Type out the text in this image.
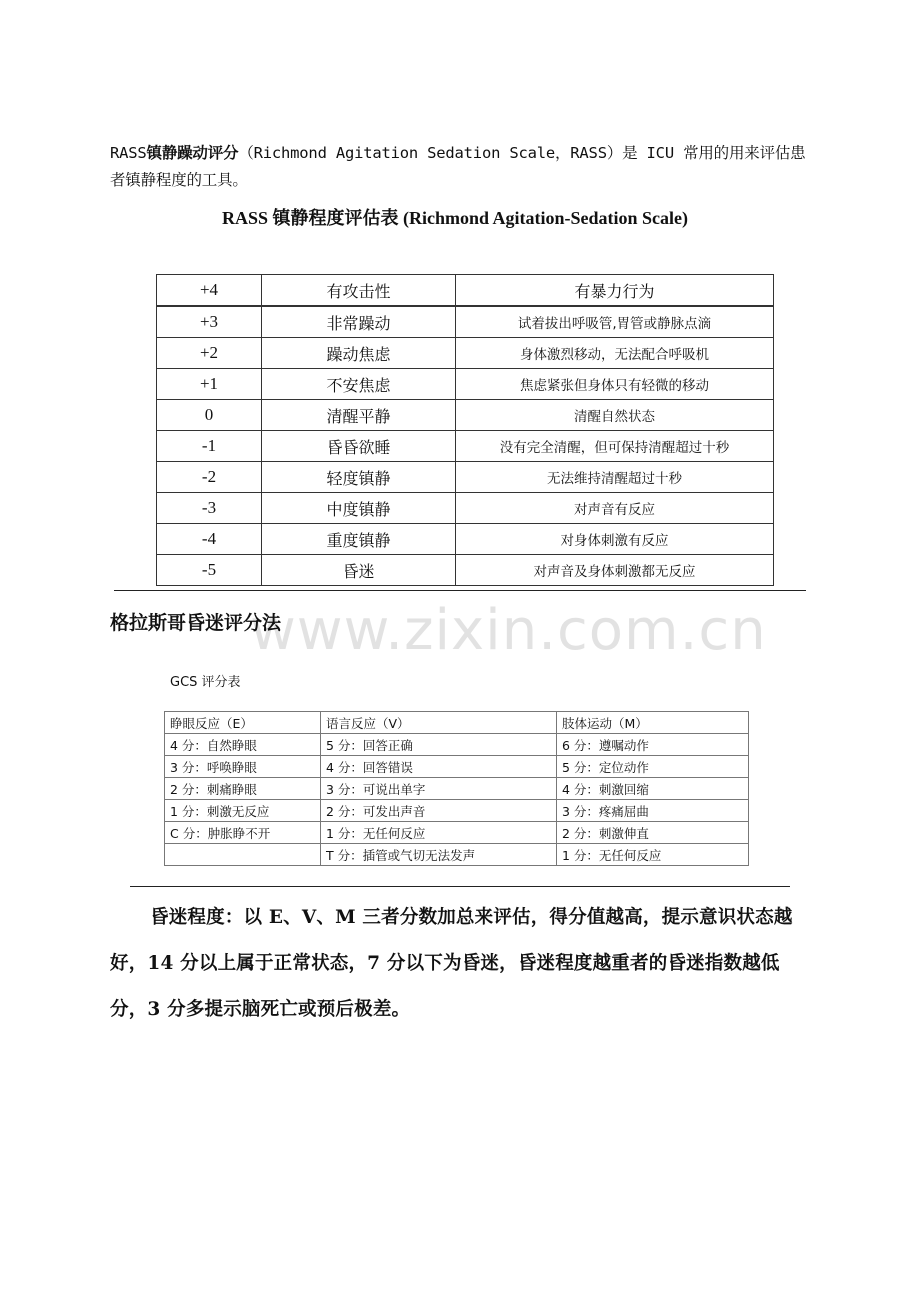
RASS镇静躁动评分（Richmond Agitation Sedation Scale，RASS）是 ICU 常用的用来评估患者镇静程度的工具。
RASS 镇静程度评估表 (Richmond Agitation-Sedation Scale)
+4	有攻击性	有暴力行为
+3	非常躁动	试着拔出呼吸管,胃管或静脉点滴
+2	躁动焦虑	身体激烈移动，无法配合呼吸机
+1	不安焦虑	焦虑紧张但身体只有轻微的移动
0	清醒平静	清醒自然状态
-1	昏昏欲睡	没有完全清醒，但可保持清醒超过十秒
-2	轻度镇静	无法维持清醒超过十秒
-3	中度镇静	对声音有反应
-4	重度镇静	对身体刺激有反应
-5	昏迷	对声音及身体刺激都无反应
www.zixin.com.cn
格拉斯哥昏迷评分法
GCS 评分表
睁眼反应（E）	语言反应（V）	肢体运动（M）
4 分：自然睁眼	5 分：回答正确	6 分：遵嘱动作
3 分：呼唤睁眼	4 分：回答错误	5 分：定位动作
2 分：刺痛睁眼	3 分：可说出单字	4 分：刺激回缩
1 分：刺激无反应	2 分：可发出声音	3 分：疼痛屈曲
C 分：肿胀睁不开	1 分：无任何反应	2 分：刺激伸直
	T 分：插管或气切无法发声	1 分：无任何反应
昏迷程度：以 E、V、M 三者分数加总来评估，得分值越高，提示意识状态越好，14 分以上属于正常状态，7 分以下为昏迷，昏迷程度越重者的昏迷指数越低分，3 分多提示脑死亡或预后极差。
